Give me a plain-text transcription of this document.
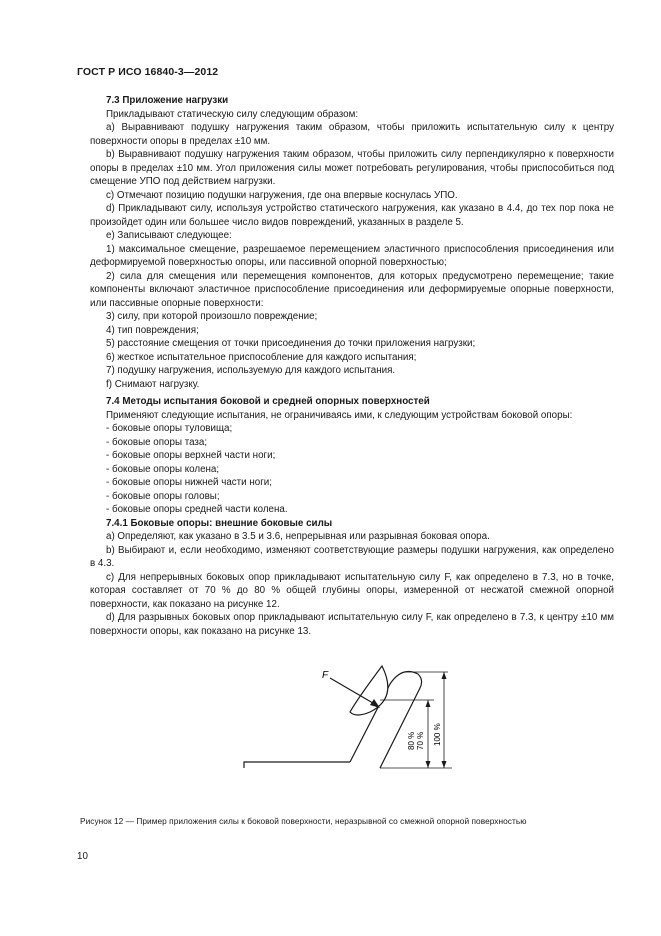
ГОСТ Р ИСО 16840-3—2012
7.3 Приложение нагрузки

Прикладывают статическую силу следующим образом:

а) Выравнивают подушку нагружения таким образом, чтобы приложить испытательную силу к центру поверхности опоры в пределах ±10 мм.

b) Выравнивают подушку нагружения таким образом, чтобы приложить силу перпендикулярно к поверхности опоры в пределах ±10 мм. Угол приложения силы может потребовать регулирования, чтобы приспособиться под смещение УПО под действием нагрузки.

с) Отмечают позицию подушки нагружения, где она впервые коснулась УПО.

d) Прикладывают силу, используя устройство статического нагружения, как указано в 4.4, до тех пор пока не произойдет один или большее число видов повреждений, указанных в разделе 5.

е) Записывают следующее:

1) максимальное смещение, разрешаемое перемещением эластичного приспособления присоединения или деформируемой поверхностью опоры, или пассивной опорной поверхностью;

2) сила для смещения или перемещения компонентов, для которых предусмотрено перемещение; такие компоненты включают эластичное приспособление присоединения или деформируемые опорные поверхности, или пассивные опорные поверхности:

3) силу, при которой произошло повреждение;

4) тип повреждения;

5) расстояние смещения от точки присоединения до точки приложения нагрузки;

6) жесткое испытательное приспособление для каждого испытания;

7) подушку нагружения, используемую для каждого испытания.

f) Снимают нагрузку.

7.4 Методы испытания боковой и средней опорных поверхностей

Применяют следующие испытания, не ограничиваясь ими, к следующим устройствам боковой опоры:

- боковые опоры туловища;

- боковые опоры таза;

- боковые опоры верхней части ноги;

- боковые опоры колена;

- боковые опоры нижней части ноги;

- боковые опоры головы;

- боковые опоры средней части колена.

7.4.1 Боковые опоры: внешние боковые силы

а) Определяют, как указано в 3.5 и 3.6, непрерывная или разрывная боковая опора.

b) Выбирают и, если необходимо, изменяют соответствующие размеры подушки нагружения, как определено в 4.3.

с) Для непрерывных боковых опор прикладывают испытательную силу F, как определено в 7.3, но в точке, которая составляет от 70 % до 80 % общей глубины опоры, измеренной от несжатой смежной опорной поверхности, как показано на рисунке 12.

d) Для разрывных боковых опор прикладывают испытательную силу F, как определено в 7.3, к центру ±10 мм поверхности опоры, как показано на рисунке 13.

F
80 % 70 % 100 %
Рисунок 12 — Пример приложения силы к боковой поверхности, неразрывной со смежной опорной поверхностью
10
